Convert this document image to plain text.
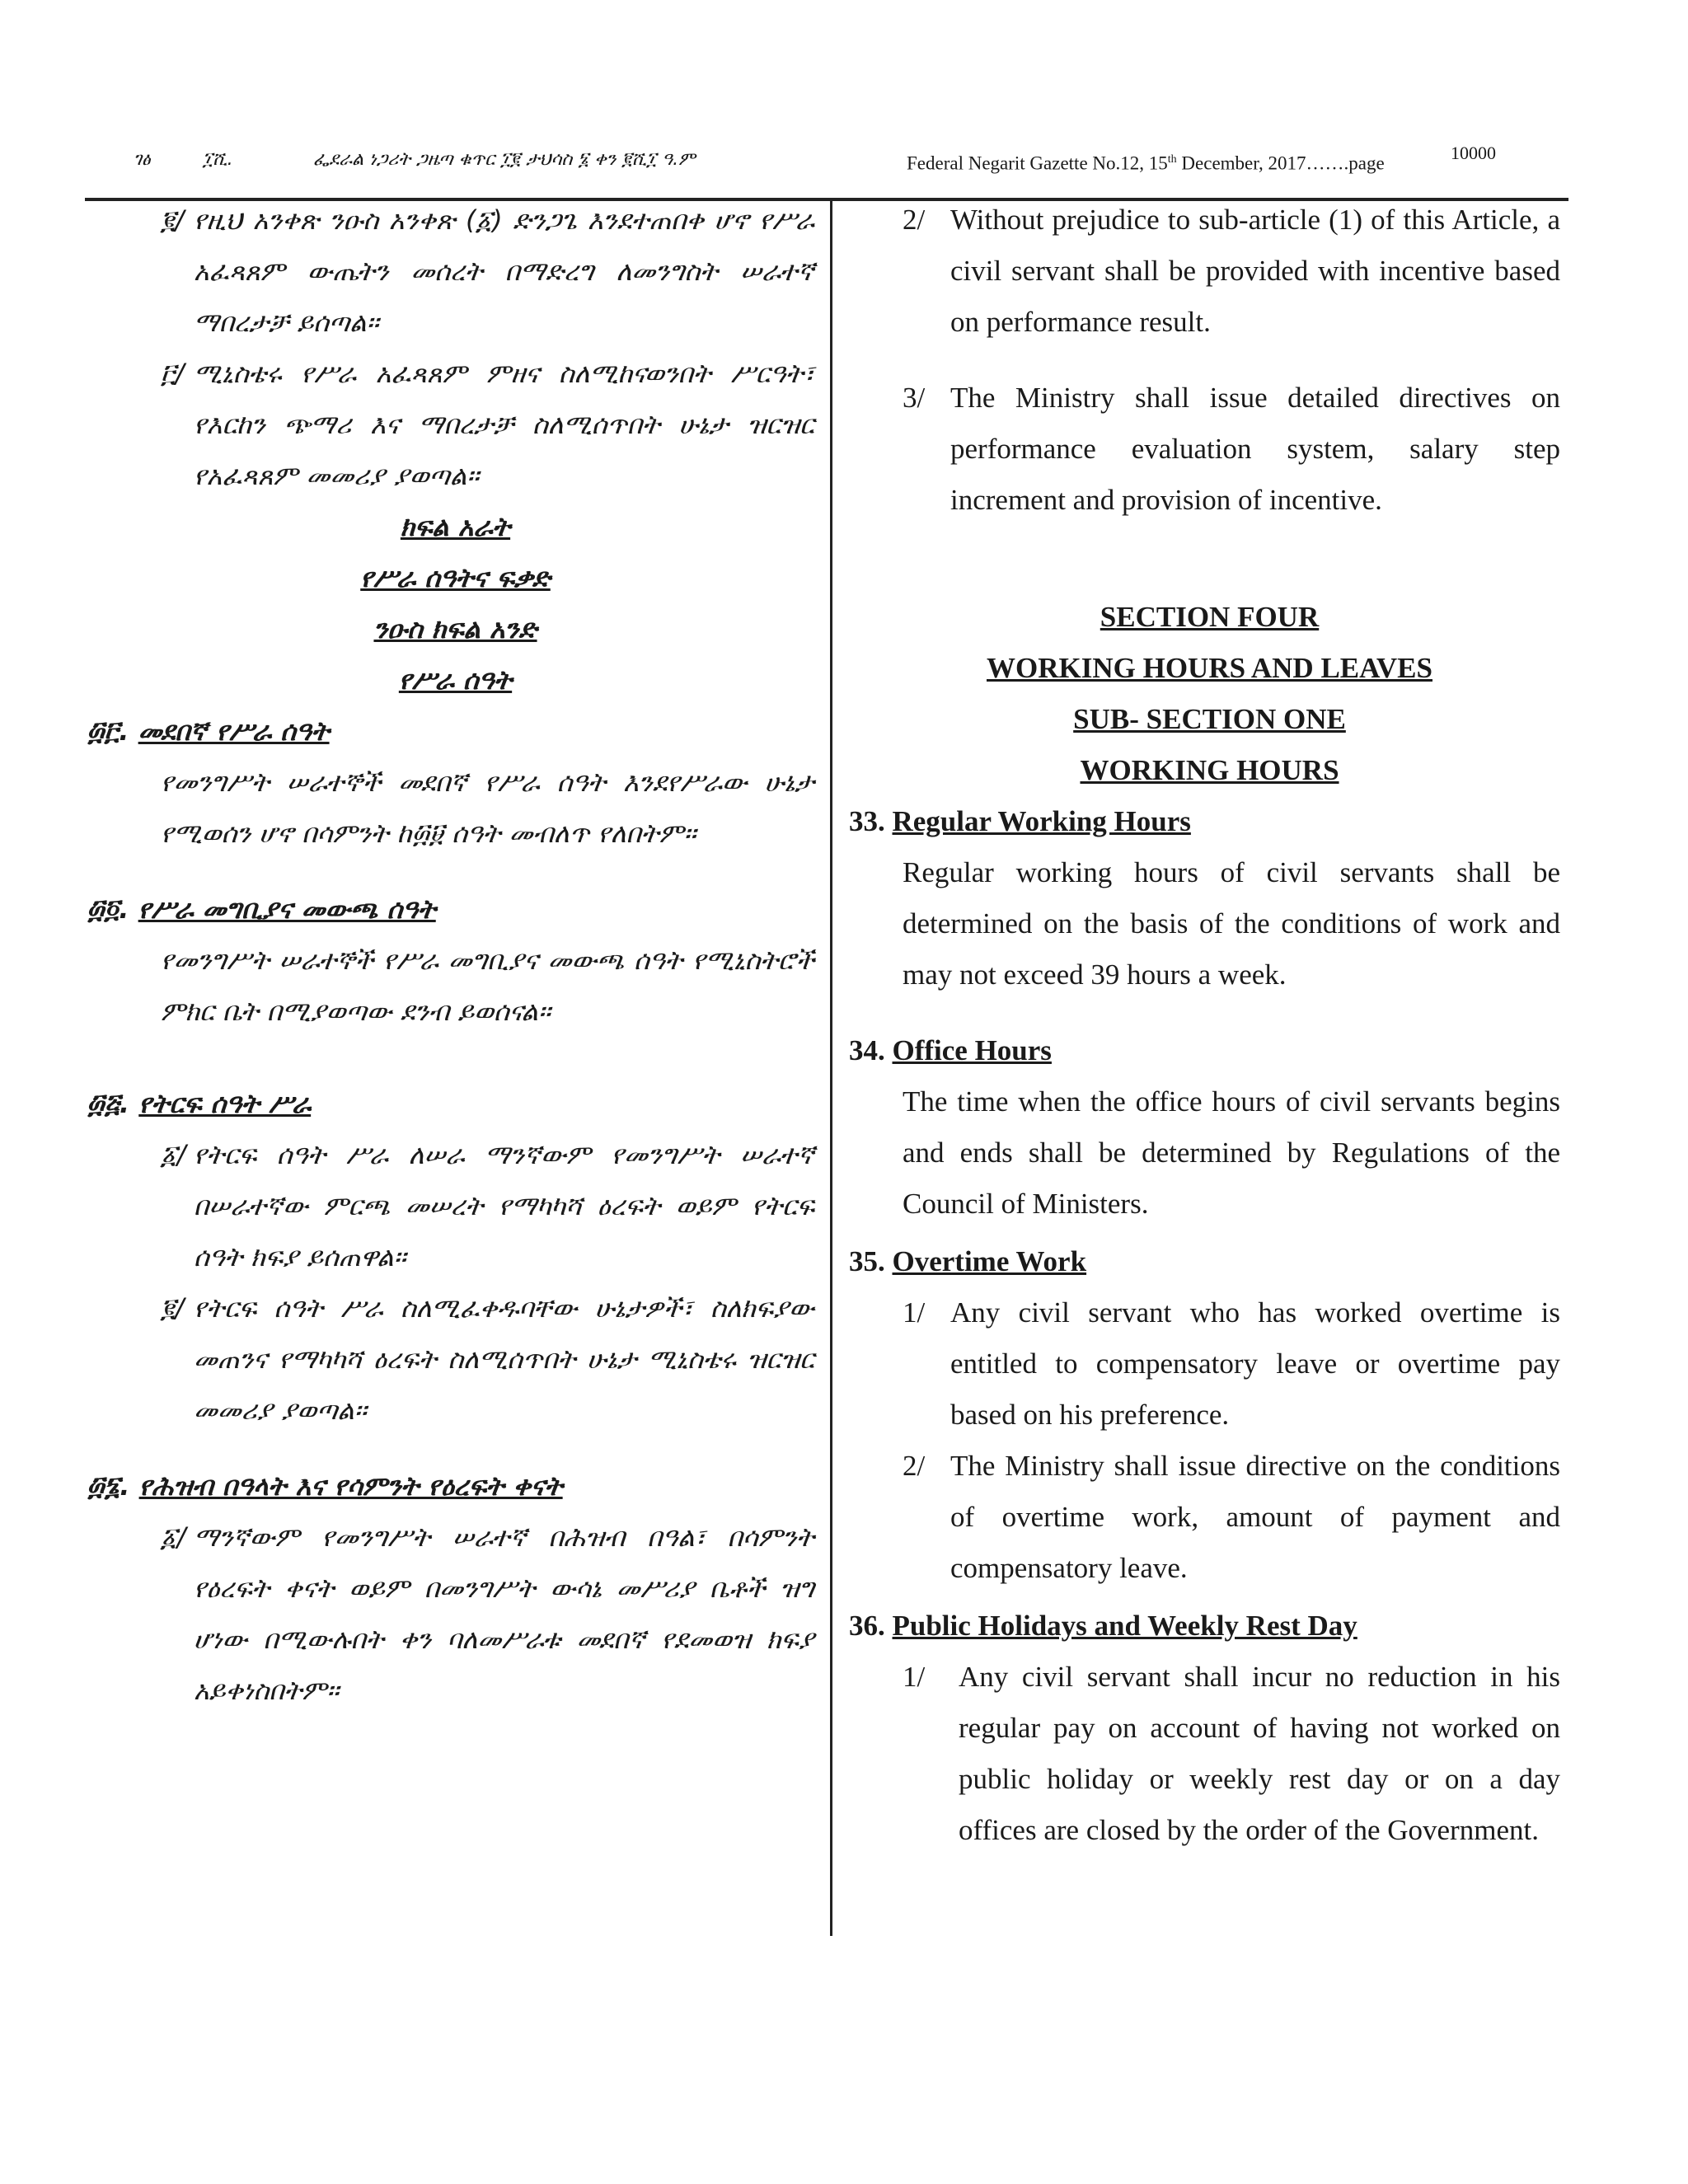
ገፅ	፲ሺ.	ፌደራል ነጋሪት ጋዜጣ ቁጥር ፲፪ ታህሳስ ፮ ቀን ፪ሺ፲ ዓ.ም	Federal Negarit Gazette No.12, 15th December, 2017…….page
10000
፪/ የዚህ አንቀጽ ንዑስ አንቀጽ (፩) ድንጋጌ እንደተጠበቀ ሆኖ የሥራ አፈጻጸም ውጤትን መሰረት በማድረግ ለመንግስት ሠራተኛ ማበረታቻ ይሰጣል፡፡
፫/ ሚኒስቴሩ የሥራ አፈጻጸም ምዘና ስለሚከናወንበት ሥርዓት፣ የእርከን ጭማሪ እና ማበረታቻ ስለሚሰጥበት ሁኔታ ዝርዝር የአፈጻጸም መመሪያ ያወጣል፡፡
ክፍል አራት
የሥራ ሰዓትና ፍቃድ
ንዑስ ክፍል አንድ
የሥራ ሰዓት
፴፫.
መደበኛ የሥራ ሰዓት
የመንግሥት ሠራተኞች መደበኛ የሥራ ሰዓት እንደየሥራው ሁኔታ የሚወሰን ሆኖ በሳምንት ከ፴፱ ሰዓት መብለጥ የለበትም፡፡
፴፬.
የሥራ መግቢያና መውጫ ሰዓት
የመንግሥት ሠራተኞች የሥራ መግቢያና መውጫ ሰዓት የሚኒስትሮች ምክር ቤት በሚያወጣው ደንብ ይወሰናል፡፡
፴፭.
የትርፍ ሰዓት ሥራ
፩/ የትርፍ ሰዓት ሥራ ለሠራ ማንኛውም የመንግሥት ሠራተኛ በሠራተኛው ምርጫ መሠረት የማካካሻ ዕረፍት ወይም የትርፍ ሰዓት ክፍያ ይሰጠዋል፡፡
፪/ የትርፍ ሰዓት ሥራ ስለሚፈቀዱባቸው ሁኔታዎች፣ ስለክፍያው መጠንና የማካካሻ ዕረፍት ስለሚሰጥበት ሁኔታ ሚኒስቴሩ ዝርዝር መመሪያ ያወጣል፡፡
፴፮.
የሕዝብ በዓላት እና የሳምንት የዕረፍት ቀናት
፩/ ማንኛውም የመንግሥት ሠራተኛ በሕዝብ በዓል፣ በሳምንት የዕረፍት ቀናት ወይም በመንግሥት ውሳኔ መሥሪያ ቤቶች ዝግ ሆነው በሚውሉበት ቀን ባለመሥራቱ መደበኛ የደመወዝ ክፍያ አይቀነስበትም፡፡
2/ Without prejudice to sub-article (1) of this Article, a civil servant shall be provided with incentive based on performance result.
3/ The Ministry shall issue detailed directives on performance evaluation system, salary step increment and provision of incentive.
SECTION FOUR
WORKING HOURS AND LEAVES
SUB- SECTION ONE
WORKING HOURS
33.
Regular Working Hours
Regular working hours of civil servants shall be determined on the basis of the conditions of work and may not exceed 39 hours a week.
34.
Office Hours
The time when the office hours of civil servants begins and ends shall be determined by Regulations of the Council of Ministers.
35.
Overtime Work
1/ Any civil servant who has worked overtime is entitled to compensatory leave or overtime pay based on his preference.
2/ The Ministry shall issue directive on the conditions of overtime work, amount of payment and compensatory leave.
36.
Public Holidays and Weekly Rest Day
1/	Any civil servant shall incur no reduction in his regular pay on account of having not worked on public holiday or weekly rest day or on a day offices are closed by the order of the Government.
